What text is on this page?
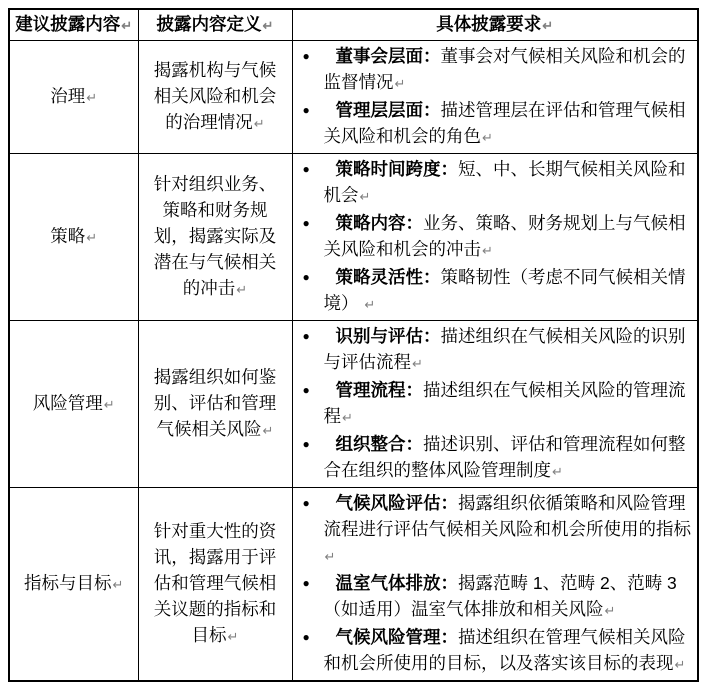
建议披露内容↵	披露内容定义↵	具体披露要求↵
治理↵	揭露机构与气候相关风险和机会的治理情况↵	● 董事会层面：董事会对气候相关风险和机会的监督情况↵
● 管理层层面：描述管理层在评估和管理气候相关风险和机会的角色↵

策略↵	针对组织业务、策略和财务规划，揭露实际及潜在与气候相关的冲击↵	
● 策略时间跨度：短、中、长期气候相关风险和机会↵
● 策略内容：业务、策略、财务规划上与气候相关风险和机会的冲击↵
● 策略灵活性：策略韧性（考虑不同气候相关情境） ↵

风险管理↵	揭露组织如何鉴别、评估和管理气候相关风险↵	
● 识别与评估：描述组织在气候相关风险的识别与评估流程↵
● 管理流程：描述组织在气候相关风险的管理流程↵
● 组织整合：描述识别、评估和管理流程如何整合在组织的整体风险管理制度↵

指标与目标↵	针对重大性的资讯，揭露用于评估和管理气候相关议题的指标和目标↵	
● 气候风险评估：揭露组织依循策略和风险管理流程进行评估气候相关风险和机会所使用的指标↵
● 温室气体排放：揭露范畴 1、范畴 2、范畴 3（如适用）温室气体排放和相关风险↵
● 气候风险管理：描述组织在管理气候相关风险和机会所使用的目标，以及落实该目标的表现↵
